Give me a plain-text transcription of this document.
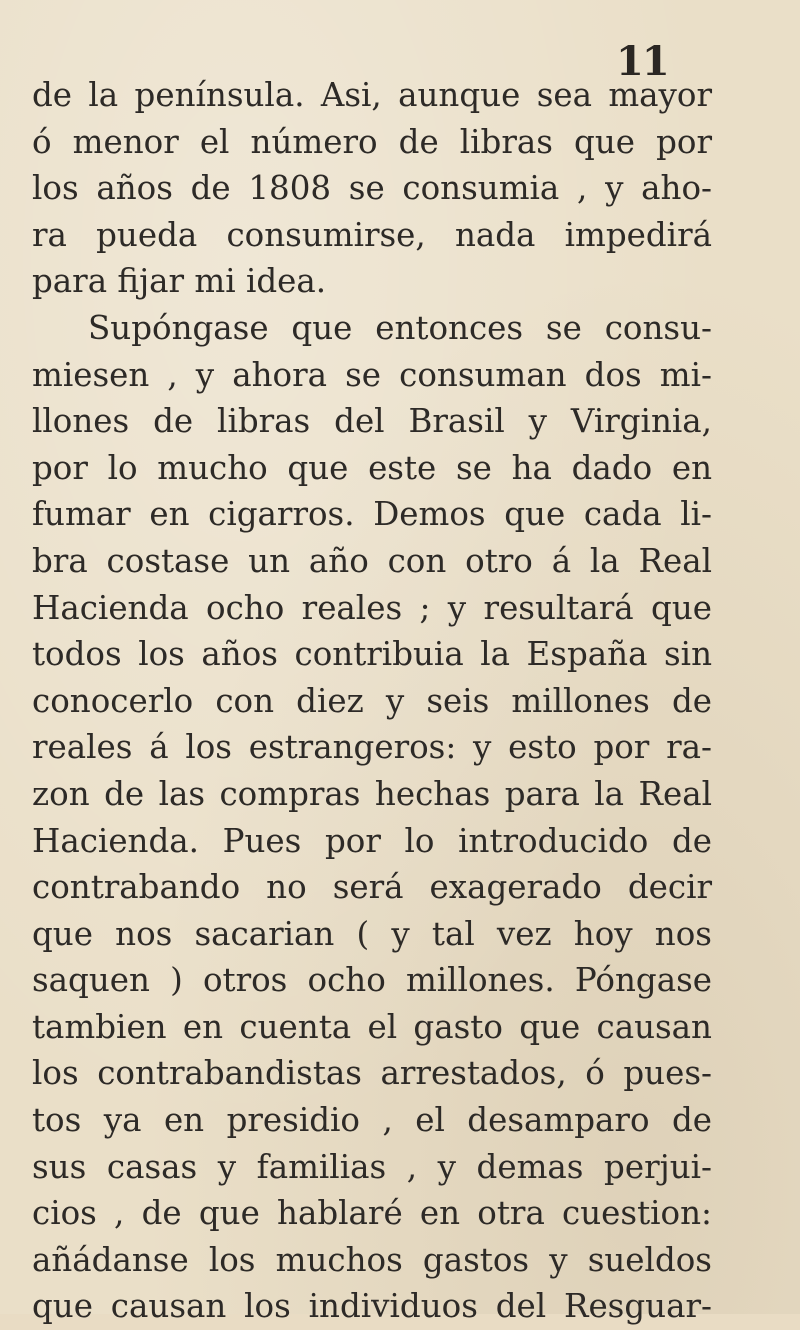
11
de la península. Asi, aunque sea mayor
ó menor el número de libras que por
los años de 1808 se consumia , y aho-
ra pueda consumirse, nada impedirá
para fijar mi idea.
Supóngase que entonces se consu-
miesen , y ahora se consuman dos mi-
llones de libras del Brasil y Virginia,
por lo mucho que este se ha dado en
fumar en cigarros. Demos que cada li-
bra costase un año con otro á la Real
Hacienda ocho reales ; y resultará que
todos los años contribuia la España sin
conocerlo con diez y seis millones de
reales á los estrangeros: y esto por ra-
zon de las compras hechas para la Real
Hacienda. Pues por lo introducido de
contrabando no será exagerado decir
que nos sacarian ( y tal vez hoy nos
saquen ) otros ocho millones. Póngase
tambien en cuenta el gasto que causan
los contrabandistas arrestados, ó pues-
tos ya en presidio , el desamparo de
sus casas y familias , y demas perjui-
cios , de que hablaré en otra cuestion:
añádanse los muchos gastos y sueldos
que causan los individuos del Resguar-
